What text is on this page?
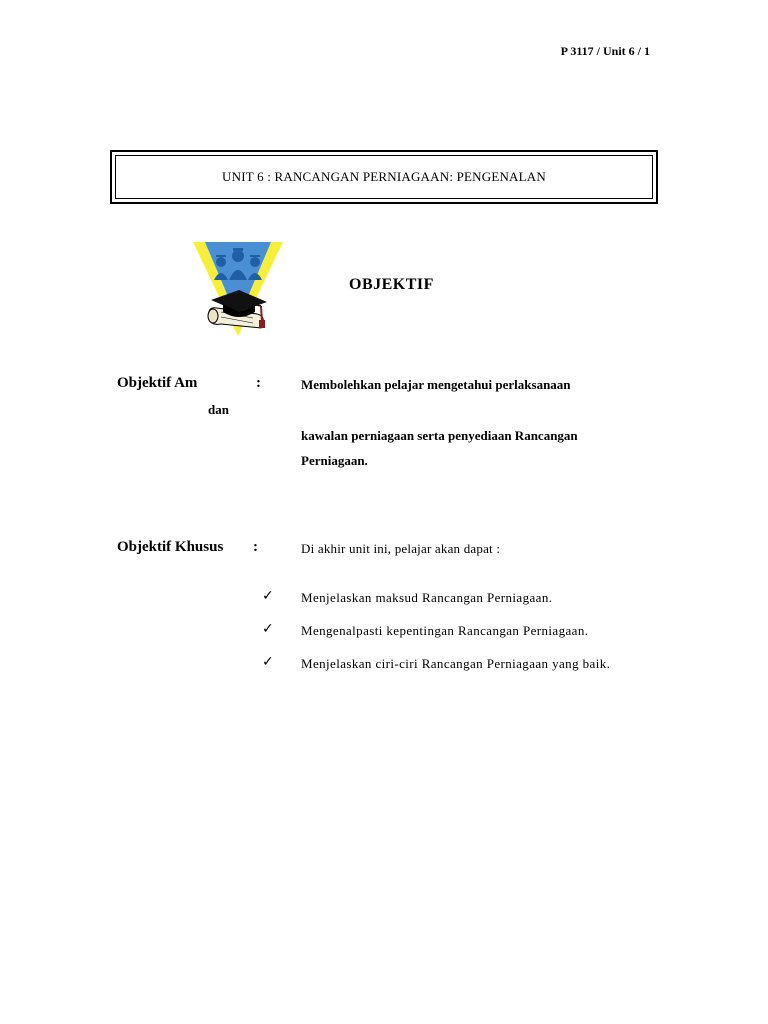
P 3117 / Unit 6 / 1
UNIT 6 : RANCANGAN PERNIAGAAN: PENGENALAN
OBJEKTIF
Objektif Am	:	Membolehkan pelajar mengetahui perlaksanaan
dan
kawalan perniagaan serta penyediaan Rancangan
Perniagaan.
Objektif Khusus :	Di akhir unit ini, pelajar akan dapat :
✓ Menjelaskan maksud Rancangan Perniagaan.
✓ Mengenalpasti kepentingan Rancangan Perniagaan.
✓ Menjelaskan ciri-ciri Rancangan Perniagaan yang baik.
